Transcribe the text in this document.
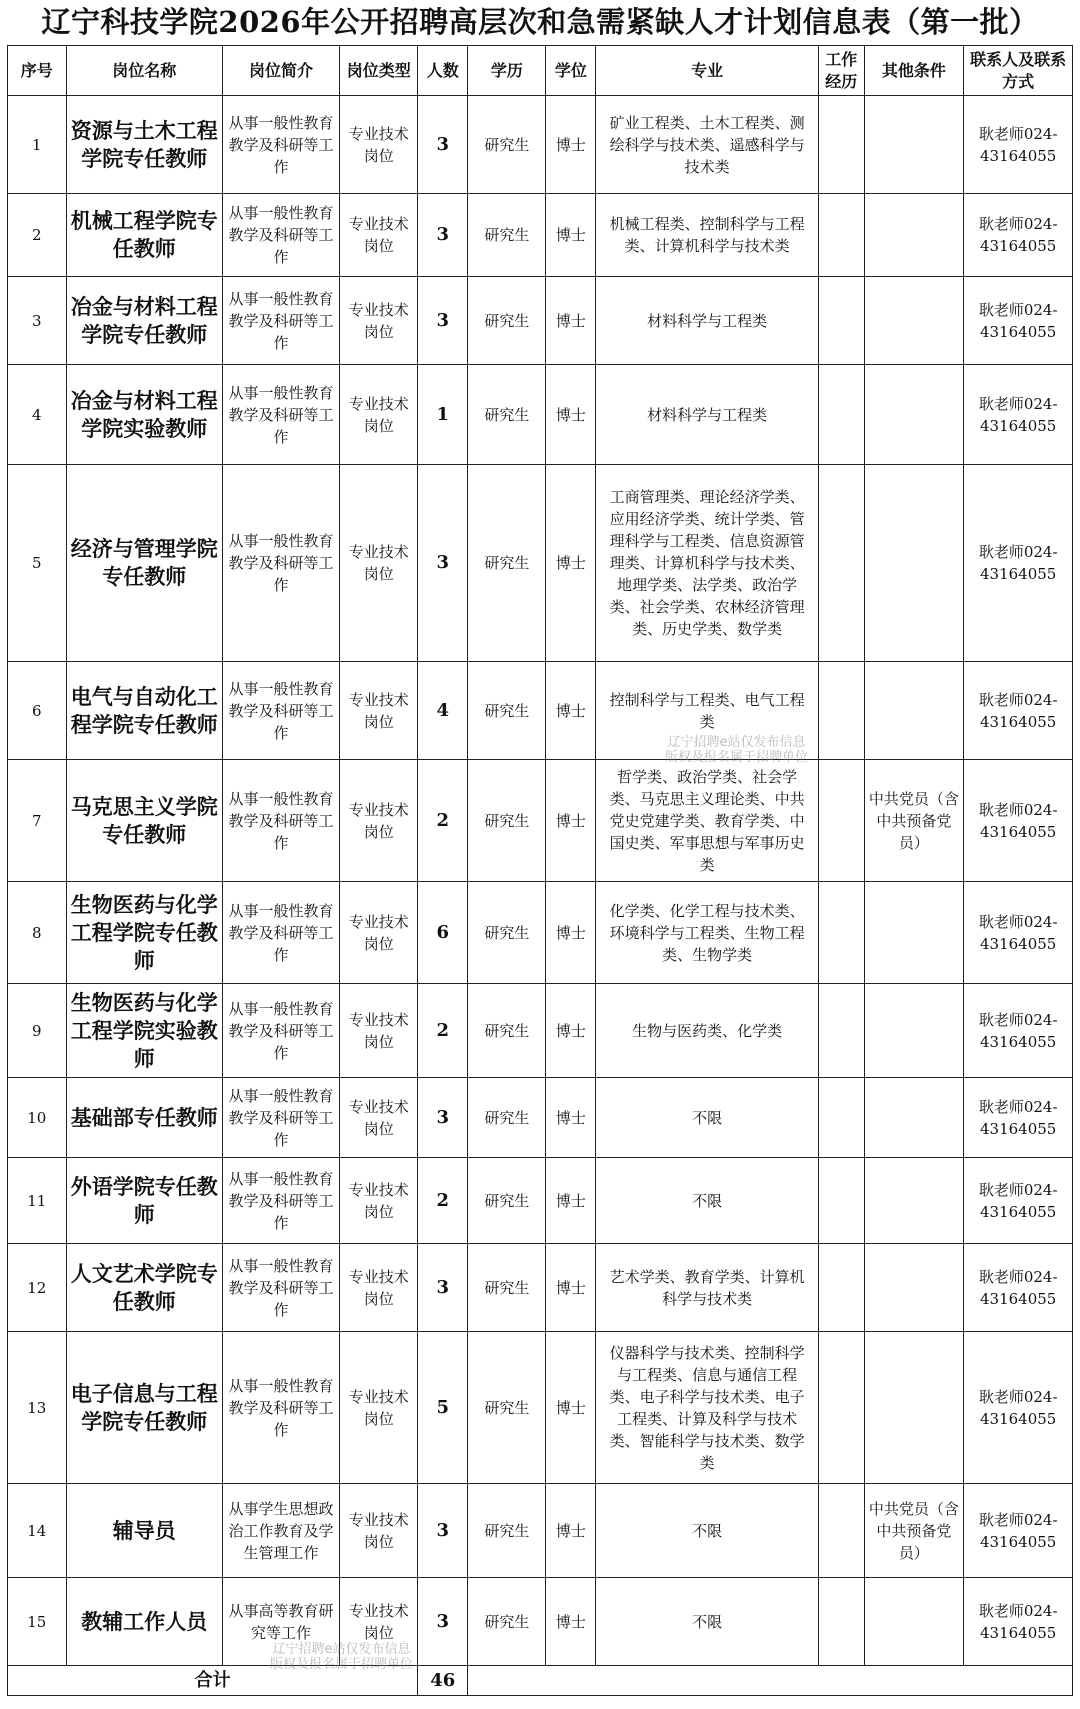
辽宁科技学院2026年公开招聘高层次和急需紧缺人才计划信息表（第一批）
序号	岗位名称	岗位简介	岗位类型	人数	学历	学位	专业	工作经历	其他条件	联系人及联系方式
1	资源与土木工程学院专任教师	从事一般性教育教学及科研等工作	专业技术岗位	3	研究生	博士	矿业工程类、土木工程类、测绘科学与技术类、遥感科学与技术类			耿老师024-43164055
2	机械工程学院专任教师	从事一般性教育教学及科研等工作	专业技术岗位	3	研究生	博士	机械工程类、控制科学与工程类、计算机科学与技术类			耿老师024-43164055
3	冶金与材料工程学院专任教师	从事一般性教育教学及科研等工作	专业技术岗位	3	研究生	博士	材料科学与工程类			耿老师024-43164055
4	冶金与材料工程学院实验教师	从事一般性教育教学及科研等工作	专业技术岗位	1	研究生	博士	材料科学与工程类			耿老师024-43164055
5	经济与管理学院专任教师	从事一般性教育教学及科研等工作	专业技术岗位	3	研究生	博士	工商管理类、理论经济学类、应用经济学类、统计学类、管理科学与工程类、信息资源管理类、计算机科学与技术类、地理学类、法学类、政治学类、社会学类、农林经济管理类、历史学类、数学类			耿老师024-43164055
6	电气与自动化工程学院专任教师	从事一般性教育教学及科研等工作	专业技术岗位	4	研究生	博士	控制科学与工程类、电气工程类			耿老师024-43164055
7	马克思主义学院专任教师	从事一般性教育教学及科研等工作	专业技术岗位	2	研究生	博士	哲学类、政治学类、社会学类、马克思主义理论类、中共党史党建学类、教育学类、中国史类、军事思想与军事历史类		中共党员（含中共预备党员）	耿老师024-43164055
8	生物医药与化学工程学院专任教师	从事一般性教育教学及科研等工作	专业技术岗位	6	研究生	博士	化学类、化学工程与技术类、环境科学与工程类、生物工程类、生物学类			耿老师024-43164055
9	生物医药与化学工程学院实验教师	从事一般性教育教学及科研等工作	专业技术岗位	2	研究生	博士	生物与医药类、化学类			耿老师024-43164055
10	基础部专任教师	从事一般性教育教学及科研等工作	专业技术岗位	3	研究生	博士	不限			耿老师024-43164055
11	外语学院专任教师	从事一般性教育教学及科研等工作	专业技术岗位	2	研究生	博士	不限			耿老师024-43164055
12	人文艺术学院专任教师	从事一般性教育教学及科研等工作	专业技术岗位	3	研究生	博士	艺术学类、教育学类、计算机科学与技术类			耿老师024-43164055
13	电子信息与工程学院专任教师	从事一般性教育教学及科研等工作	专业技术岗位	5	研究生	博士	仪器科学与技术类、控制科学与工程类、信息与通信工程类、电子科学与技术类、电子工程类、计算及科学与技术类、智能科学与技术类、数学类			耿老师024-43164055
14	辅导员	从事学生思想政治工作教育及学生管理工作	专业技术岗位	3	研究生	博士	不限		中共党员（含中共预备党员）	耿老师024-43164055
15	教辅工作人员	从事高等教育研究等工作	专业技术岗位	3	研究生	博士	不限			耿老师024-43164055
合计				46						
辽宁招聘e站仅发布信息
版权及报名属于招聘单位
辽宁招聘e站仅发布信息
版权及报名属于招聘单位
